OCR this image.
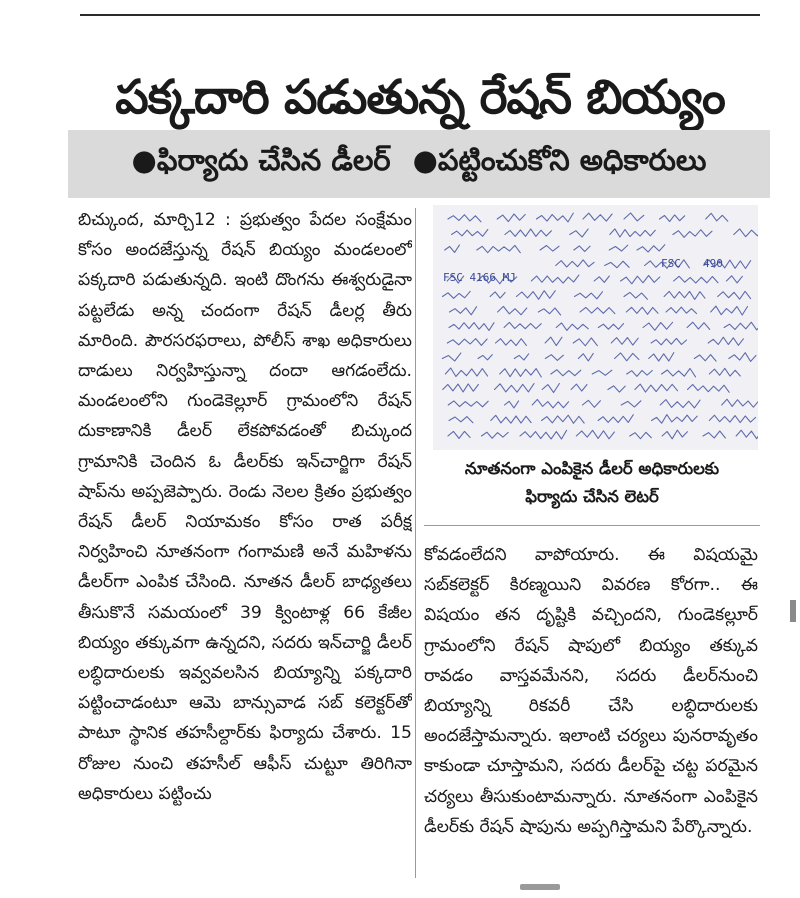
పక్కదారి పడుతున్న రేషన్ బియ్యం
●ఫిర్యాదు చేసిన డీలర్ ●పట్టించుకోని అధికారులు
బిచ్కుంద, మార్చి12 : ప్రభుత్వం పేదల సంక్షేమం కోసం అందజేస్తున్న రేషన్ బియ్యం మండలంలో పక్కదారి పడుతున్నది. ఇంటి దొంగను ఈశ్వరుడైనా పట్టలేడు అన్న చందంగా రేషన్ డీలర్ల తీరు మారింది. పౌరసరఫరాలు, పోలీస్ శాఖ అధికారులు దాడులు నిర్వహిస్తున్నా దందా ఆగడంలేదు. మండలంలోని గుండెకెల్లూర్ గ్రామంలోని రేషన్ దుకాణానికి డీలర్ లేకపోవడంతో బిచ్కుంద గ్రామానికి చెందిన ఓ డీలర్‌కు ఇన్‌చార్జిగా రేషన్ షాప్‌ను అప్పజెప్పారు. రెండు నెలల క్రితం ప్రభుత్వం రేషన్ డీలర్ నియామకం కోసం రాత పరీక్ష నిర్వహించి నూతనంగా గంగామణి అనే మహిళను డీలర్‌గా ఎంపిక చేసింది. నూతన డీలర్ బాధ్యతలు తీసుకొనే సమయంలో 39 క్వింటాళ్ల 66 కేజీల బియ్యం తక్కువగా ఉన్నదని, సదరు ఇన్‌చార్జి డీలర్ లబ్ధిదారులకు ఇవ్వవలసిన బియ్యాన్ని పక్కదారి పట్టించాడంటూ ఆమె బాన్సువాడ సబ్ కలెక్టర్‌తో పాటూ స్థానిక తహసీల్దార్‌కు ఫిర్యాదు చేశారు. 15 రోజుల నుంచి తహసీల్ ఆఫీస్ చుట్టూ తిరిగినా అధికారులు పట్టించు
FSC 4166 MJ
FSC 490
నూతనంగా ఎంపికైన డీలర్ అధికారులకు
ఫిర్యాదు చేసిన లెటర్
కోవడంలేదని వాపోయారు. ఈ విషయమై సబ్‌కలెక్టర్ కిరణ్మయిని వివరణ కోరగా.. ఈ విషయం తన దృష్టికి వచ్చిందని, గుండెకల్లూర్ గ్రామంలోని రేషన్ షాపులో బియ్యం తక్కువ రావడం వాస్తవమేనని, సదరు డీలర్‌నుంచి బియ్యాన్ని రికవరీ చేసి లబ్ధిదారులకు అందజేస్తామన్నారు. ఇలాంటి చర్యలు పునరావృతం కాకుండా చూస్తామని, సదరు డీలర్‌పై చట్ట పరమైన చర్యలు తీసుకుంటామన్నారు. నూతనంగా ఎంపికైన డీలర్‌కు రేషన్ షాపును అప్పగిస్తామని పేర్కొన్నారు.
